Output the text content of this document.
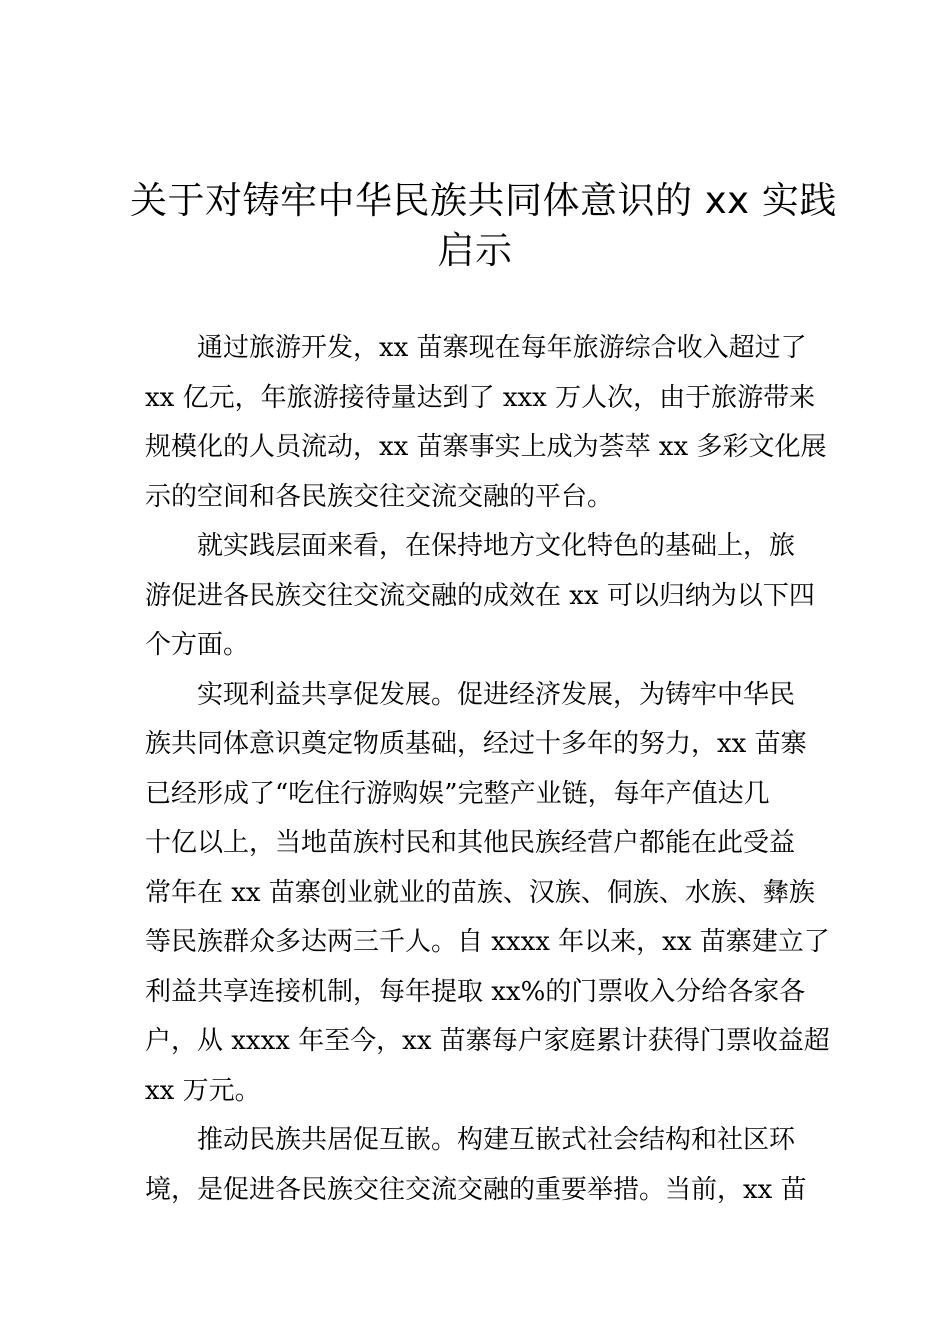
关于对铸牢中华民族共同体意识的 xx 实践
启示

通过旅游开发，xx 苗寨现在每年旅游综合收入超过了
xx 亿元，年旅游接待量达到了 xxx 万人次，由于旅游带来
规模化的人员流动，xx 苗寨事实上成为荟萃 xx 多彩文化展
示的空间和各民族交往交流交融的平台。

就实践层面来看，在保持地方文化特色的基础上，旅
游促进各民族交往交流交融的成效在 xx 可以归纳为以下四
个方面。

实现利益共享促发展。促进经济发展，为铸牢中华民
族共同体意识奠定物质基础，经过十多年的努力，xx 苗寨
已经形成了“吃住行游购娱”完整产业链，每年产值达几
十亿以上，当地苗族村民和其他民族经营户都能在此受益
常年在 xx 苗寨创业就业的苗族、汉族、侗族、水族、彝族
等民族群众多达两三千人。自 xxxx 年以来，xx 苗寨建立了
利益共享连接机制，每年提取 xx%的门票收入分给各家各
户，从 xxxx 年至今，xx 苗寨每户家庭累计获得门票收益超
xx 万元。

推动民族共居促互嵌。构建互嵌式社会结构和社区环
境，是促进各民族交往交流交融的重要举措。当前，xx 苗
